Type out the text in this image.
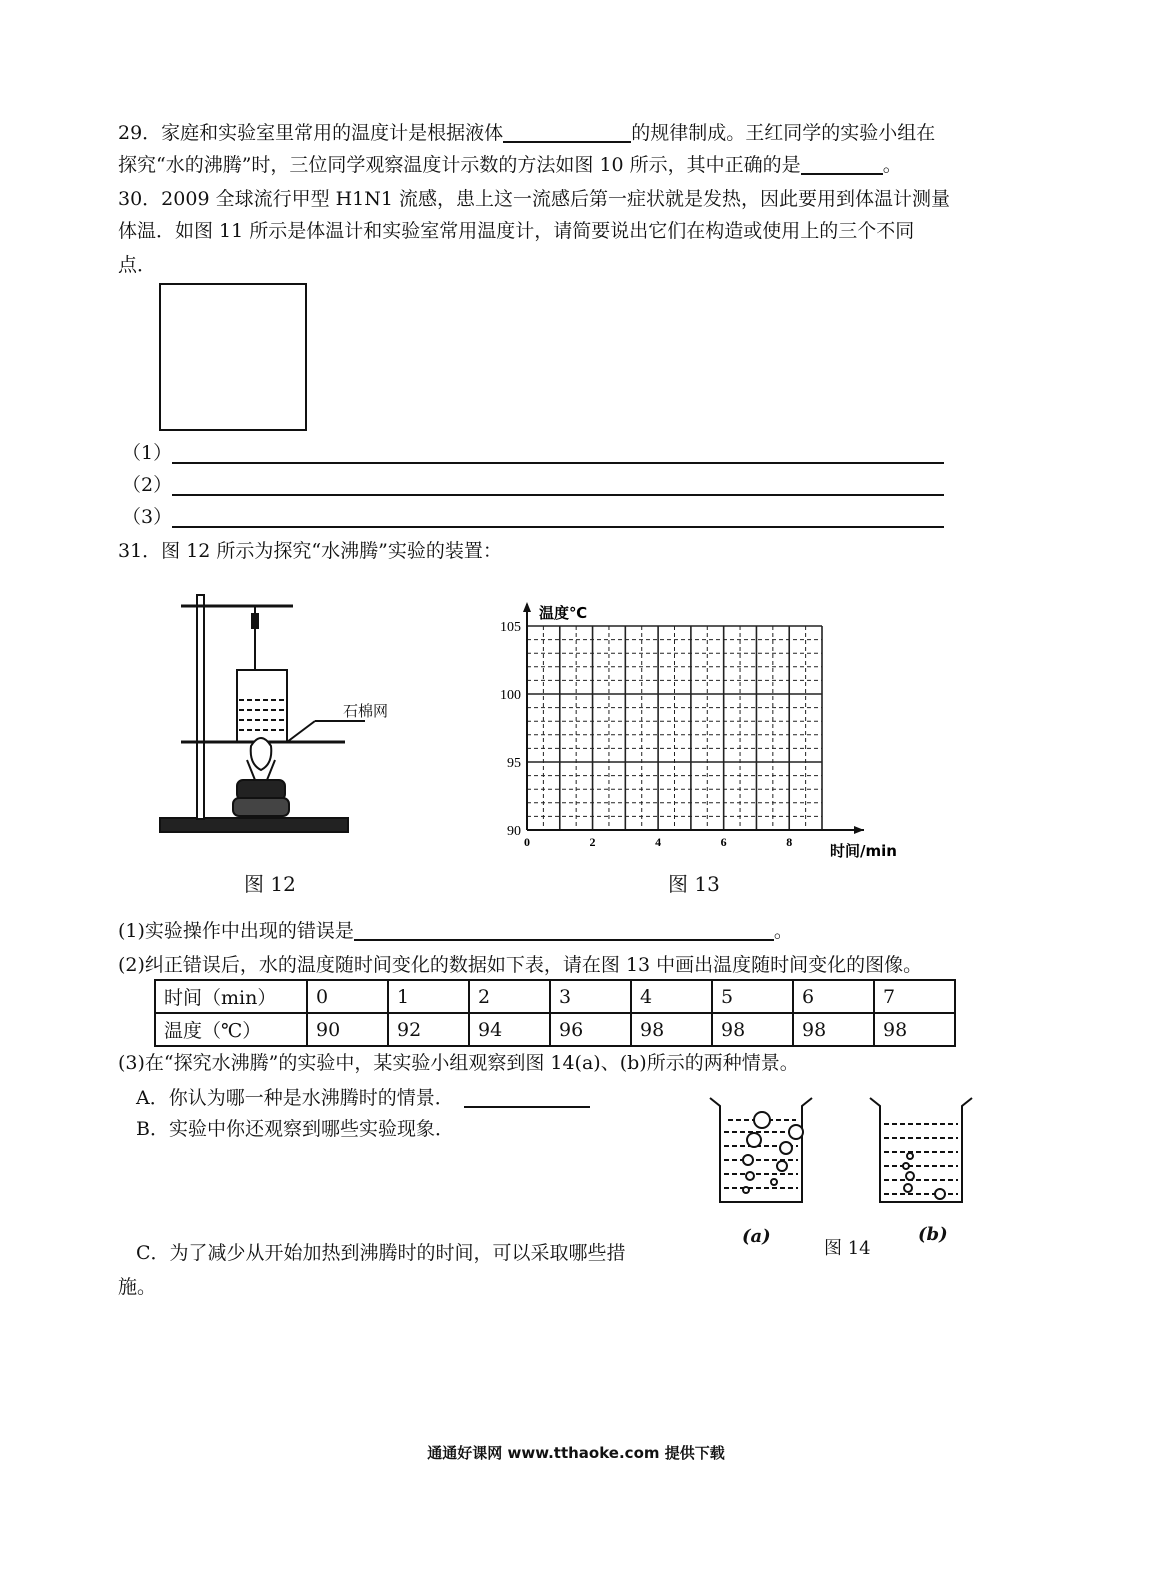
29．家庭和实验室里常用的温度计是根据液体	的规律制成。王红同学的实验小组在
探究“水的沸腾”时，三位同学观察温度计示数的方法如图 10 所示，其中正确的是	。
30．2009 全球流行甲型 H1N1 流感，患上这一流感后第一症状就是发热，因此要用到体温计测量
体温．如图 11 所示是体温计和实验室常用温度计，请简要说出它们在构造或使用上的三个不同
点．
（1）
（2）
（3）
31．图 12 所示为探究“水沸腾”实验的装置：
石棉网
图 12
0	2	4	6	8
90
95
100
105
温度℃
时间/min
图 13
(1)实验操作中出现的错误是	。
(2)纠正错误后，水的温度随时间变化的数据如下表，请在图 13 中画出温度随时间变化的图像。
时间（min）	0	1	2	3	4	5	6	7
温度（℃）	90	92	94	96	98	98	98	98
(3)在“探究水沸腾”的实验中，某实验小组观察到图 14(a)、(b)所示的两种情景。
A．你认为哪一种是水沸腾时的情景．
B．实验中你还观察到哪些实验现象．
C．为了减少从开始加热到沸腾时的时间，可以采取哪些措
施。
(a)
图 14
(b)
通通好课网 www.tthaoke.com 提供下载
